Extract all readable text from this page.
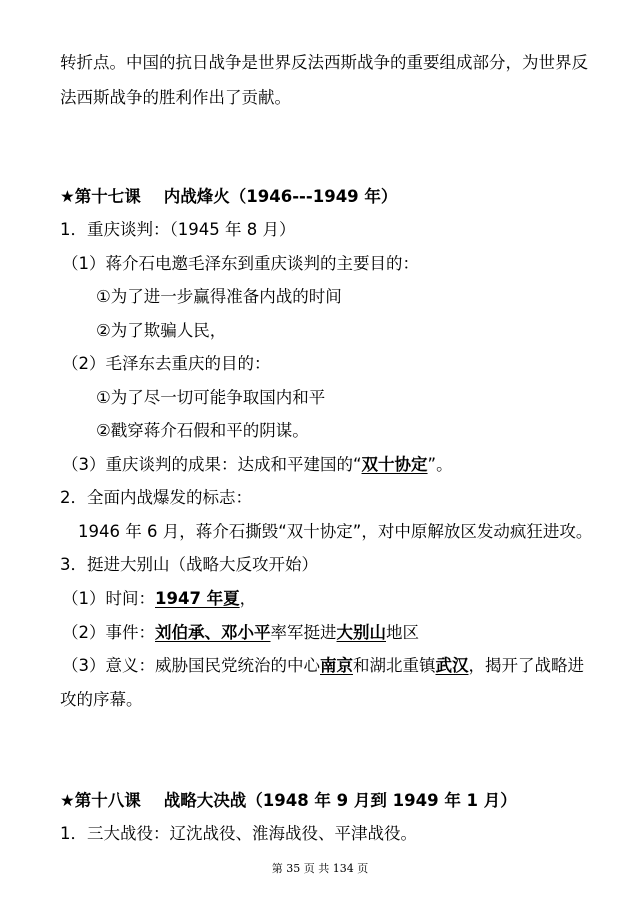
转折点。中国的抗日战争是世界反法西斯战争的重要组成部分，为世界反
法西斯战争的胜利作出了贡献。
★第十七课    内战烽火（1946---1949 年）
1．重庆谈判：（1945 年 8 月）
（1）蒋介石电邀毛泽东到重庆谈判的主要目的：
①为了进一步赢得准备内战的时间
②为了欺骗人民，
（2）毛泽东去重庆的目的：
①为了尽一切可能争取国内和平
②戳穿蒋介石假和平的阴谋。
（3）重庆谈判的成果：达成和平建国的“双十协定”。
2．全面内战爆发的标志：
1946 年 6 月，蒋介石撕毁“双十协定”，对中原解放区发动疯狂进攻。
3．挺进大别山（战略大反攻开始）
（1）时间：1947 年夏，
（2）事件：刘伯承、邓小平率军挺进大别山地区
（3）意义：威胁国民党统治的中心南京和湖北重镇武汉，揭开了战略进
攻的序幕。
★第十八课    战略大决战（1948 年 9 月到 1949 年 1 月）
1．三大战役：辽沈战役、淮海战役、平津战役。
第 35 页 共 134 页
